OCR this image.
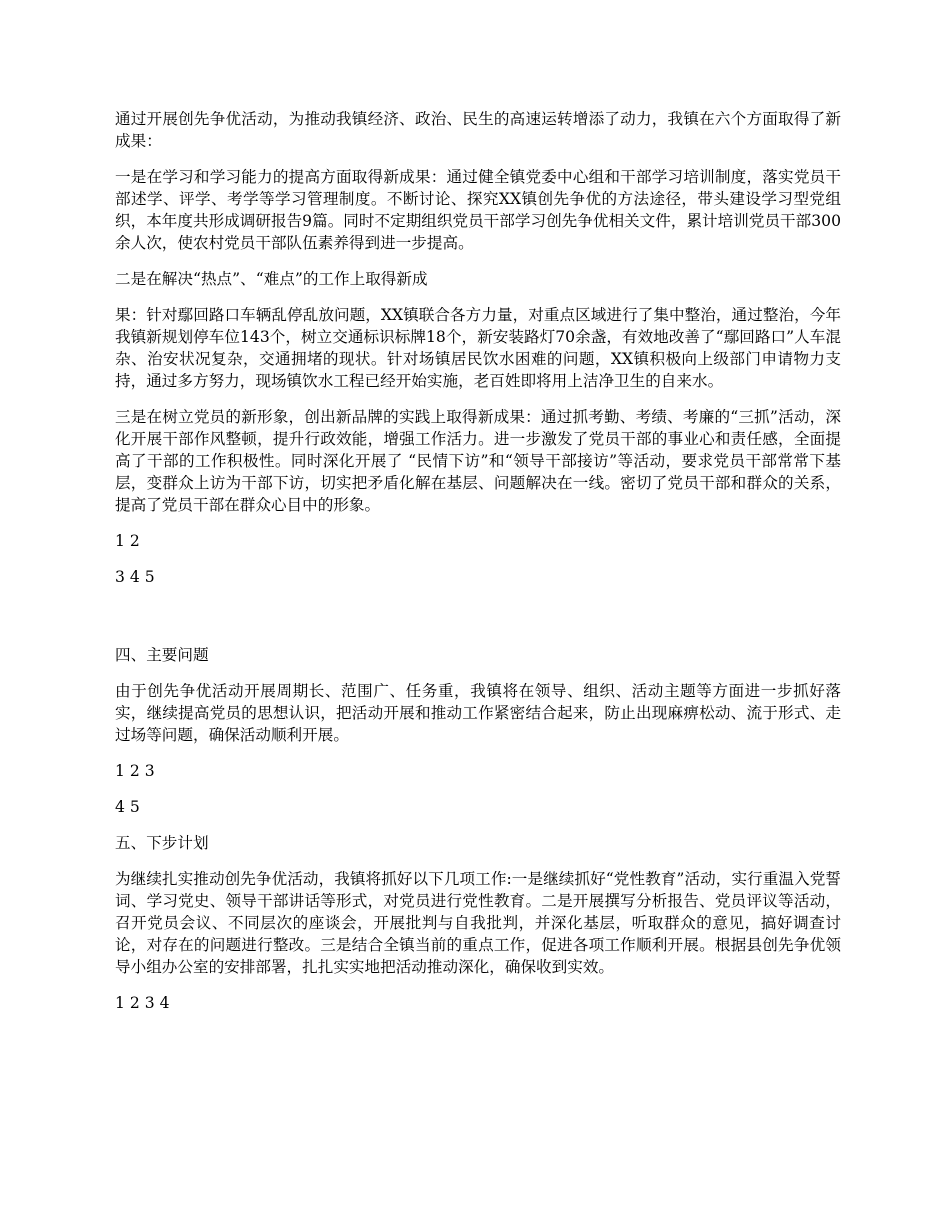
通过开展创先争优活动，为推动我镇经济、政治、民生的高速运转增添了动力，我镇在六个方面取得了新成果：

一是在学习和学习能力的提高方面取得新成果：通过健全镇党委中心组和干部学习培训制度，落实党员干部述学、评学、考学等学习管理制度。不断讨论、探究XX镇创先争优的方法途径，带头建设学习型党组织，本年度共形成调研报告9篇。同时不定期组织党员干部学习创先争优相关文件，累计培训党员干部300余人次，使农村党员干部队伍素养得到进一步提高。

二是在解决“热点”、“难点”的工作上取得新成

果：针对鄢回路口车辆乱停乱放问题，XX镇联合各方力量，对重点区域进行了集中整治，通过整治，今年我镇新规划停车位143个，树立交通标识标牌18个，新安装路灯70余盏，有效地改善了“鄢回路口”人车混杂、治安状况复杂，交通拥堵的现状。针对场镇居民饮水困难的问题，XX镇积极向上级部门申请物力支持，通过多方努力，现场镇饮水工程已经开始实施，老百姓即将用上洁净卫生的自来水。

三是在树立党员的新形象，创出新品牌的实践上取得新成果：通过抓考勤、考绩、考廉的“三抓”活动，深化开展干部作风整顿，提升行政效能，增强工作活力。进一步激发了党员干部的事业心和责任感，全面提高了干部的工作积极性。同时深化开展了 “民情下访”和“领导干部接访”等活动，要求党员干部常常下基层，变群众上访为干部下访，切实把矛盾化解在基层、问题解决在一线。密切了党员干部和群众的关系，提高了党员干部在群众心目中的形象。

1 2

3 4 5

四、主要问题

由于创先争优活动开展周期长、范围广、任务重，我镇将在领导、组织、活动主题等方面进一步抓好落实，继续提高党员的思想认识，把活动开展和推动工作紧密结合起来，防止出现麻痹松动、流于形式、走过场等问题，确保活动顺利开展。

1 2 3

4 5

五、下步计划

为继续扎实推动创先争优活动，我镇将抓好以下几项工作:一是继续抓好“党性教育”活动，实行重温入党誓词、学习党史、领导干部讲话等形式，对党员进行党性教育。二是开展撰写分析报告、党员评议等活动，召开党员会议、不同层次的座谈会，开展批判与自我批判，并深化基层，听取群众的意见，搞好调查讨论，对存在的问题进行整改。三是结合全镇当前的重点工作，促进各项工作顺利开展。根据县创先争优领导小组办公室的安排部署，扎扎实实地把活动推动深化，确保收到实效。

1 2 3 4
